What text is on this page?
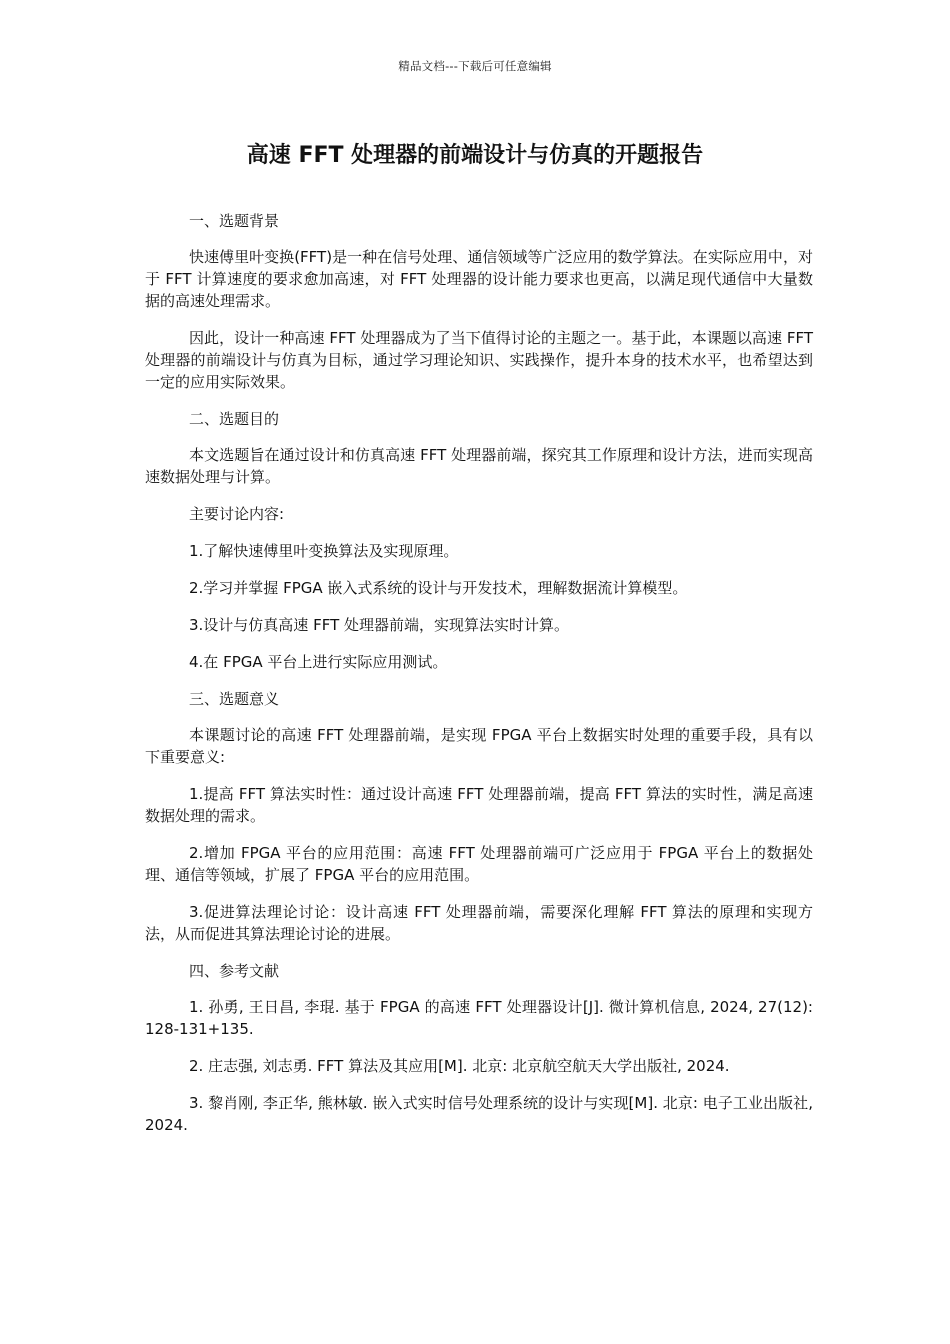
精品文档---下载后可任意编辑
高速 FFT 处理器的前端设计与仿真的开题报告

一、选题背景

快速傅里叶变换(FFT)是一种在信号处理、通信领域等广泛应用的数学算法。在实际应用中，对于 FFT 计算速度的要求愈加高速，对 FFT 处理器的设计能力要求也更高，以满足现代通信中大量数据的高速处理需求。

因此，设计一种高速 FFT 处理器成为了当下值得讨论的主题之一。基于此，本课题以高速 FFT 处理器的前端设计与仿真为目标，通过学习理论知识、实践操作，提升本身的技术水平，也希望达到一定的应用实际效果。

二、选题目的

本文选题旨在通过设计和仿真高速 FFT 处理器前端，探究其工作原理和设计方法，进而实现高速数据处理与计算。

主要讨论内容:

1.了解快速傅里叶变换算法及实现原理。

2.学习并掌握 FPGA 嵌入式系统的设计与开发技术，理解数据流计算模型。

3.设计与仿真高速 FFT 处理器前端，实现算法实时计算。

4.在 FPGA 平台上进行实际应用测试。

三、选题意义

本课题讨论的高速 FFT 处理器前端，是实现 FPGA 平台上数据实时处理的重要手段，具有以下重要意义:

1.提高 FFT 算法实时性：通过设计高速 FFT 处理器前端，提高 FFT 算法的实时性，满足高速数据处理的需求。

2.增加 FPGA 平台的应用范围：高速 FFT 处理器前端可广泛应用于 FPGA 平台上的数据处理、通信等领域，扩展了 FPGA 平台的应用范围。

3.促进算法理论讨论：设计高速 FFT 处理器前端，需要深化理解 FFT 算法的原理和实现方法，从而促进其算法理论讨论的进展。

四、参考文献

1. 孙勇, 王日昌, 李琨. 基于 FPGA 的高速 FFT 处理器设计[J]. 微计算机信息, 2024, 27(12): 128-131+135.

2. 庄志强, 刘志勇. FFT 算法及其应用[M]. 北京: 北京航空航天大学出版社, 2024.

3. 黎肖刚, 李正华, 熊林敏. 嵌入式实时信号处理系统的设计与实现[M]. 北京: 电子工业出版社, 2024.
